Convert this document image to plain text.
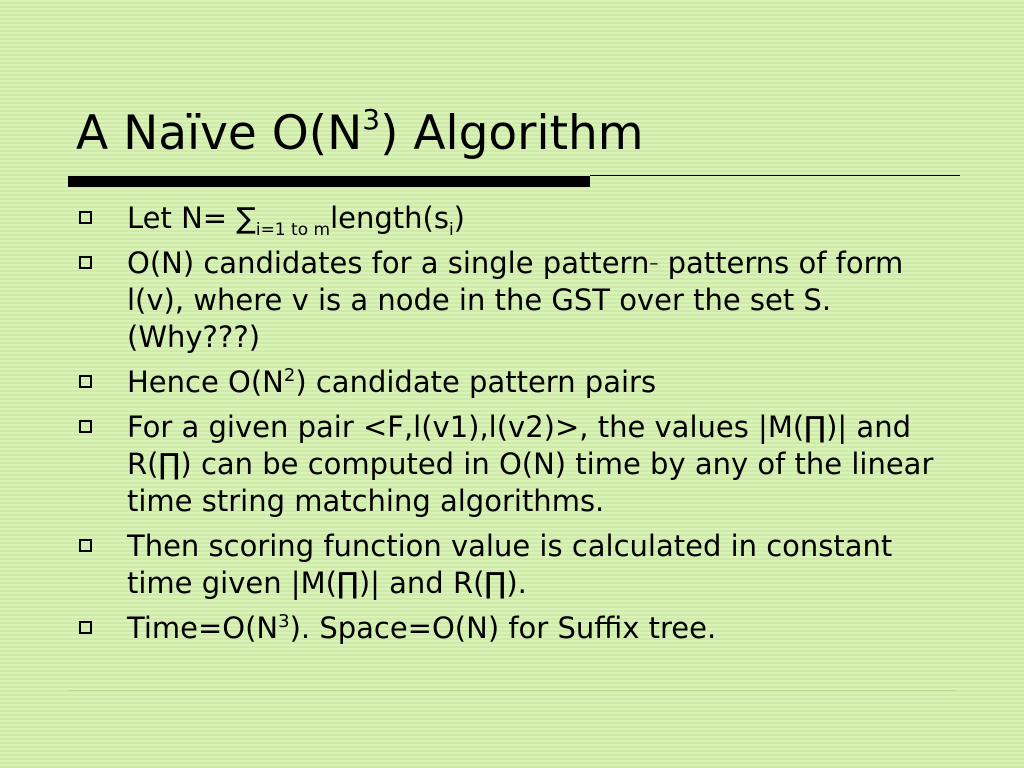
A Naïve $O(N^3)$ Algorithm
Let $N= \sum_{i=1 to m}length(s_i)$
O(N) candidates for a single pattern– patterns of form l(v), where v is a node in the GST over the set S. (Why???)
Hence $O(N^2)$ candidate pattern pairs
For a given pair <F,l(v1),l(v2)>, the values |M(∏)| and R(∏) can be computed in O(N) time by any of the linear time string matching algorithms.
Then scoring function value is calculated in constant time given |M(∏)| and R(∏).
$Time=O(N^3)$. Space=O(N) for Suffix tree.
